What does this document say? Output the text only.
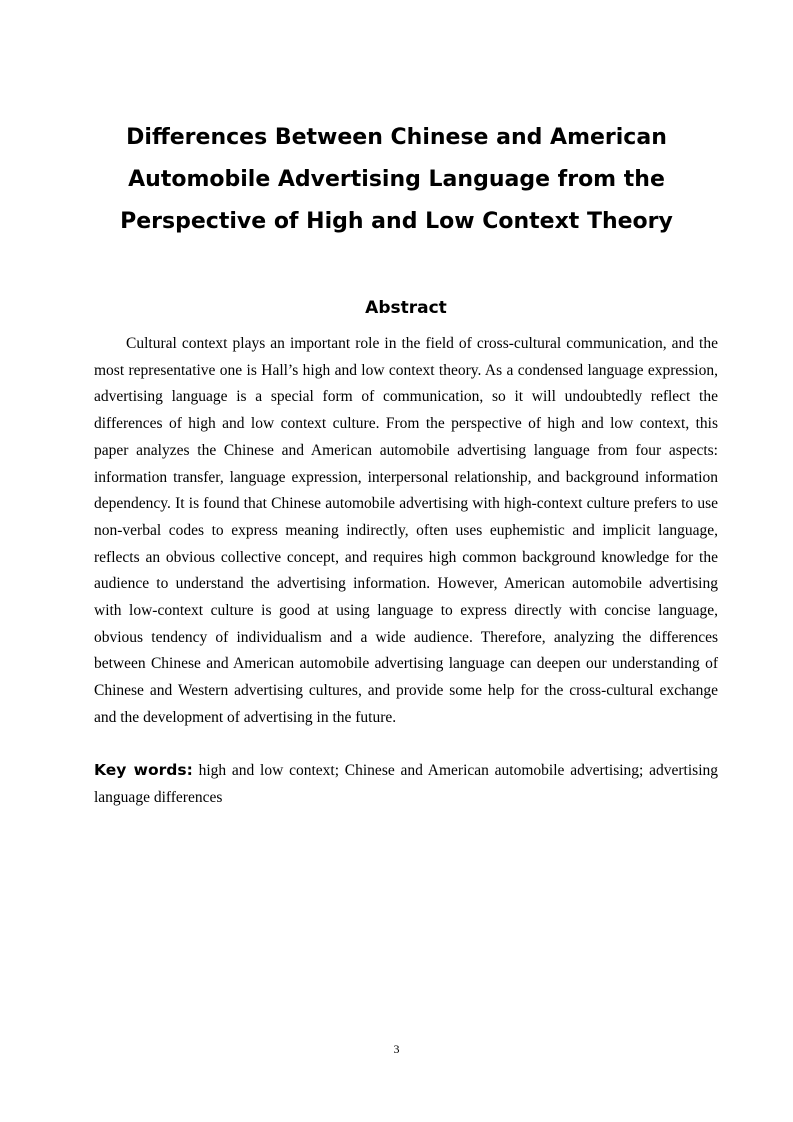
Differences Between Chinese and American Automobile Advertising Language from the Perspective of High and Low Context Theory
Abstract

Cultural context plays an important role in the field of cross-cultural communication, and the most representative one is Hall’s high and low context theory. As a condensed language expression, advertising language is a special form of communication, so it will undoubtedly reflect the differences of high and low context culture. From the perspective of high and low context, this paper analyzes the Chinese and American automobile advertising language from four aspects: information transfer, language expression, interpersonal relationship, and background information dependency. It is found that Chinese automobile advertising with high-context culture prefers to use non-verbal codes to express meaning indirectly, often uses euphemistic and implicit language, reflects an obvious collective concept, and requires high common background knowledge for the audience to understand the advertising information. However, American automobile advertising with low-context culture is good at using language to express directly with concise language, obvious tendency of individualism and a wide audience. Therefore, analyzing the differences between Chinese and American automobile advertising language can deepen our understanding of Chinese and Western advertising cultures, and provide some help for the cross-cultural exchange and the development of advertising in the future.

Key words: high and low context; Chinese and American automobile advertising; advertising language differences

3
